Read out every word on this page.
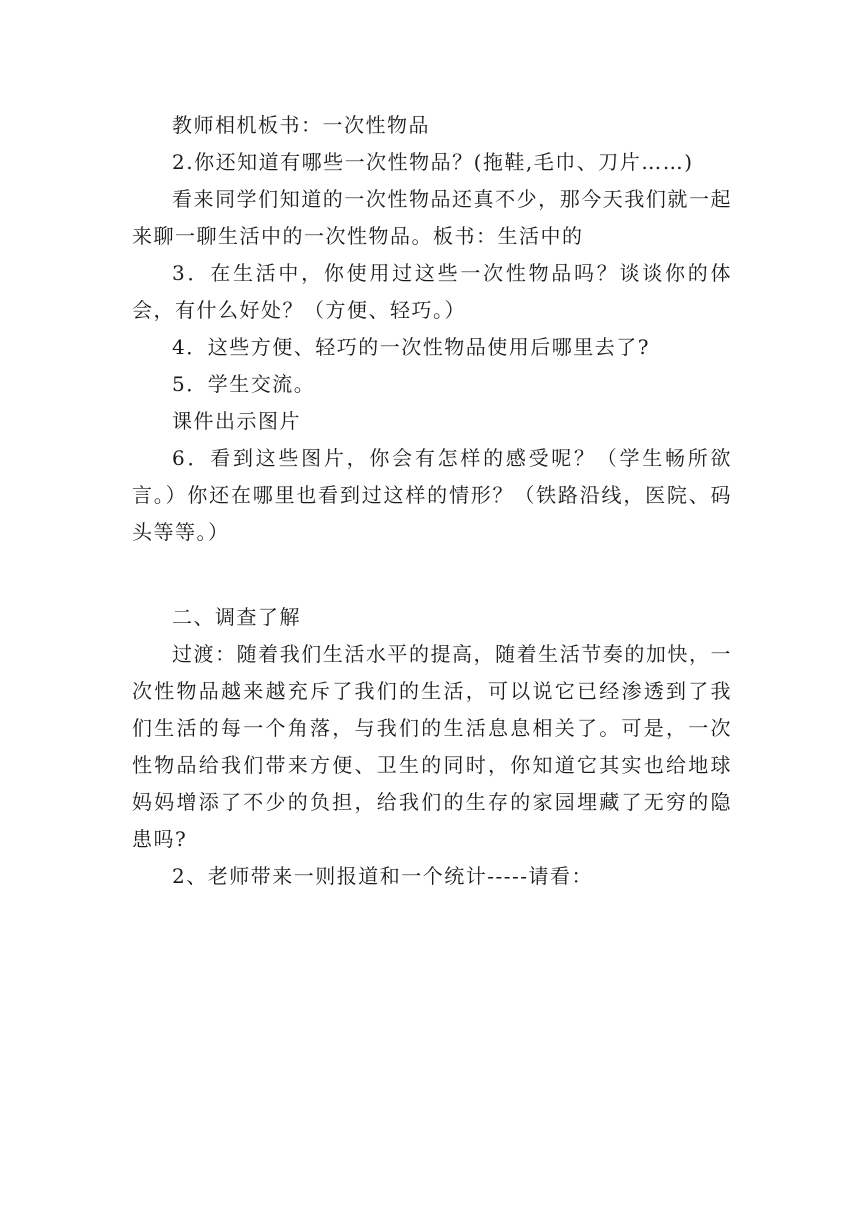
教师相机板书：一次性物品

2.你还知道有哪些一次性物品？(拖鞋,毛巾、刀片……)

看来同学们知道的一次性物品还真不少，那今天我们就一起来聊一聊生活中的一次性物品。板书：生活中的

3．在生活中，你使用过这些一次性物品吗？谈谈你的体会，有什么好处？（方便、轻巧。）

4．这些方便、轻巧的一次性物品使用后哪里去了?

5．学生交流。

课件出示图片

6．看到这些图片，你会有怎样的感受呢？（学生畅所欲言。）你还在哪里也看到过这样的情形？（铁路沿线，医院、码头等等。）

二、调查了解

过渡：随着我们生活水平的提高，随着生活节奏的加快，一次性物品越来越充斥了我们的生活，可以说它已经渗透到了我们生活的每一个角落，与我们的生活息息相关了。可是，一次性物品给我们带来方便、卫生的同时，你知道它其实也给地球妈妈增添了不少的负担，给我们的生存的家园埋藏了无穷的隐患吗?

2、老师带来一则报道和一个统计-----请看：
